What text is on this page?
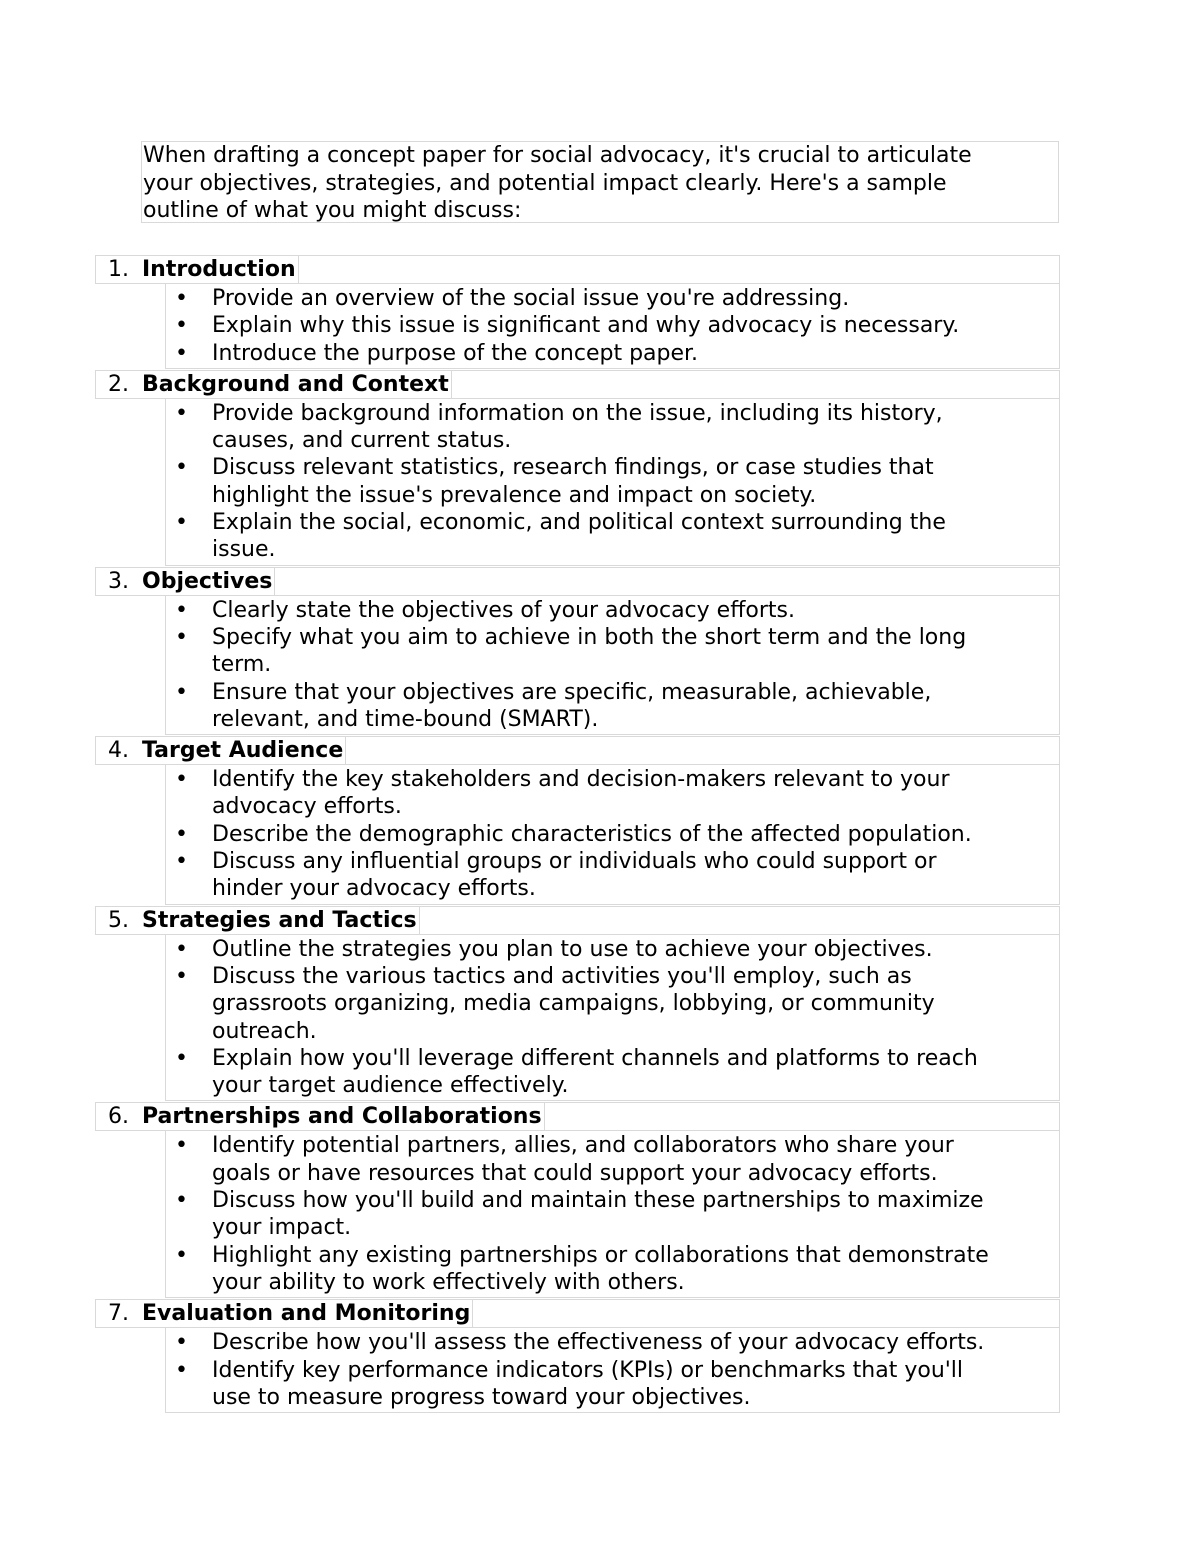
When drafting a concept paper for social advocacy, it's crucial to articulate
your objectives, strategies, and potential impact clearly. Here's a sample
outline of what you might discuss:
1. Introduction
• Provide an overview of the social issue you're addressing.
• Explain why this issue is significant and why advocacy is necessary.
• Introduce the purpose of the concept paper.
2. Background and Context
• Provide background information on the issue, including its history,
causes, and current status.
• Discuss relevant statistics, research findings, or case studies that
highlight the issue's prevalence and impact on society.
• Explain the social, economic, and political context surrounding the
issue.
3. Objectives
• Clearly state the objectives of your advocacy efforts.
• Specify what you aim to achieve in both the short term and the long
term.
• Ensure that your objectives are specific, measurable, achievable,
relevant, and time-bound (SMART).
4. Target Audience
• Identify the key stakeholders and decision-makers relevant to your
advocacy efforts.
• Describe the demographic characteristics of the affected population.
• Discuss any influential groups or individuals who could support or
hinder your advocacy efforts.
5. Strategies and Tactics
• Outline the strategies you plan to use to achieve your objectives.
• Discuss the various tactics and activities you'll employ, such as
grassroots organizing, media campaigns, lobbying, or community
outreach.
• Explain how you'll leverage different channels and platforms to reach
your target audience effectively.
6. Partnerships and Collaborations
• Identify potential partners, allies, and collaborators who share your
goals or have resources that could support your advocacy efforts.
• Discuss how you'll build and maintain these partnerships to maximize
your impact.
• Highlight any existing partnerships or collaborations that demonstrate
your ability to work effectively with others.
7. Evaluation and Monitoring
• Describe how you'll assess the effectiveness of your advocacy efforts.
• Identify key performance indicators (KPIs) or benchmarks that you'll
use to measure progress toward your objectives.
